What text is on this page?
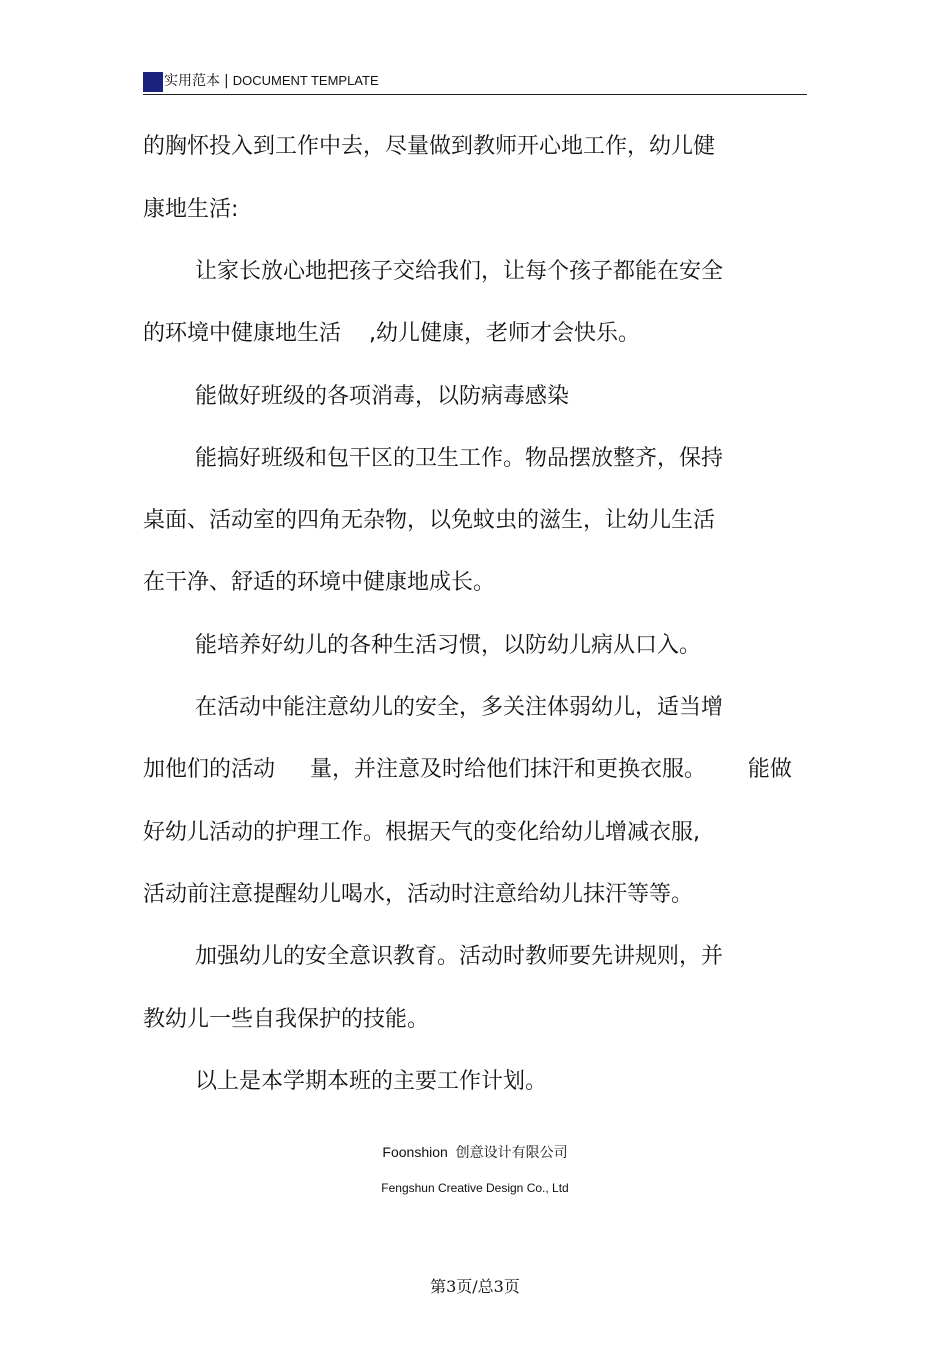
实用范本 | DOCUMENT TEMPLATE
的胸怀投入到工作中去，尽量做到教师开心地工作，幼儿健
康地生活:
让家长放心地把孩子交给我们，让每个孩子都能在安全
的环境中健康地生活    ,幼儿健康，老师才会快乐。
能做好班级的各项消毒，以防病毒感染
能搞好班级和包干区的卫生工作。物品摆放整齐，保持
桌面、活动室的四角无杂物，以免蚊虫的滋生，让幼儿生活
在干净、舒适的环境中健康地成长。
能培养好幼儿的各种生活习惯，以防幼儿病从口入。
在活动中能注意幼儿的安全，多关注体弱幼儿，适当增
加他们的活动     量，并注意及时给他们抹汗和更换衣服。      能做
好幼儿活动的护理工作。根据天气的变化给幼儿增减衣服,
活动前注意提醒幼儿喝水，活动时注意给幼儿抹汗等等。
加强幼儿的安全意识教育。活动时教师要先讲规则，并
教幼儿一些自我保护的技能。
以上是本学期本班的主要工作计划。
Foonshion  创意设计有限公司
Fengshun Creative Design Co., Ltd
第3页/总3页
